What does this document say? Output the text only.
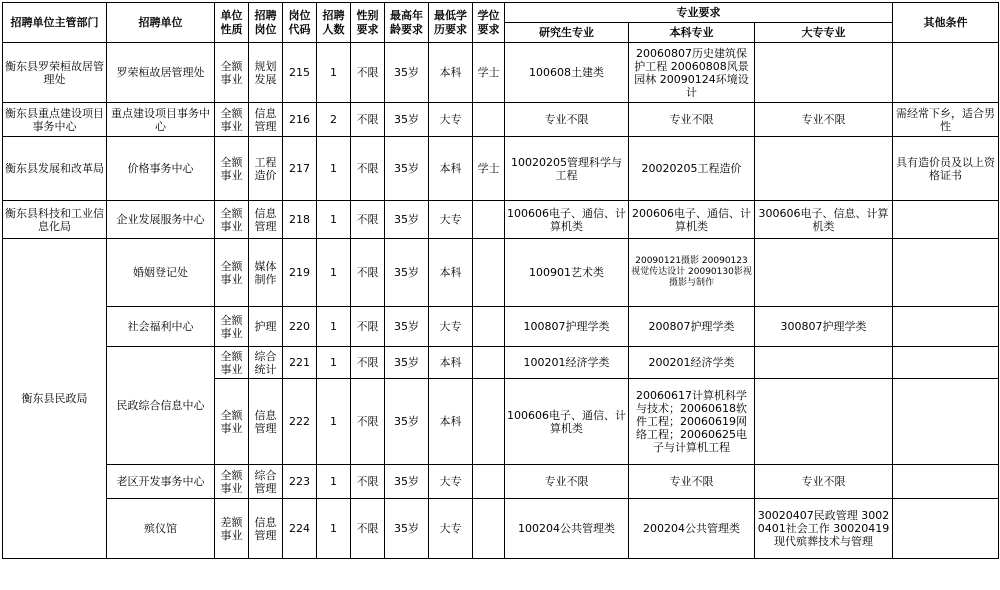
招聘单位主管部门	招聘单位	单位性质	招聘岗位	岗位代码	招聘人数	性别要求	最高年龄要求	最低学历要求	学位要求	专业要求			其他条件
										研究生专业	本科专业	大专专业	
衡东县罗荣桓故居管理处	罗荣桓故居管理处	全额事业	规划发展	215	1	不限	35岁	本科	学士	100608土建类	20060807历史建筑保护工程 20060808风景园林 20090124环境设计		
衡东县重点建设项目事务中心	重点建设项目事务中心	全额事业	信息管理	216	2	不限	35岁	大专		专业不限	专业不限	专业不限	需经常下乡，适合男性
衡东县发展和改革局	价格事务中心	全额事业	工程造价	217	1	不限	35岁	本科	学士	10020205管理科学与工程	20020205工程造价		具有造价员及以上资格证书
衡东县科技和工业信息化局	企业发展服务中心	全额事业	信息管理	218	1	不限	35岁	大专		100606电子、通信、计算机类	200606电子、通信、计算机类	300606电子、信息、计算机类	
衡东县民政局	婚姻登记处	全额事业	媒体制作	219	1	不限	35岁	本科		100901艺术类	20090121摄影 20090123视觉传达设计 20090130影视摄影与制作		
	社会福利中心	全额事业	护理	220	1	不限	35岁	大专		100807护理学类	200807护理学类	300807护理学类	
	民政综合信息中心	全额事业	综合统计	221	1	不限	35岁	本科		100201经济学类	200201经济学类		
		全额事业	信息管理	222	1	不限	35岁	本科		100606电子、通信、计算机类	20060617计算机科学与技术；20060618软件工程；20060619网络工程；20060625电子与计算机工程		
	老区开发事务中心	全额事业	综合管理	223	1	不限	35岁	大专		专业不限	专业不限	专业不限	
	殡仪馆	差额事业	信息管理	224	1	不限	35岁	大专		100204公共管理类	200204公共管理类	30020407民政管理 30020401社会工作 30020419现代殡葬技术与管理	
